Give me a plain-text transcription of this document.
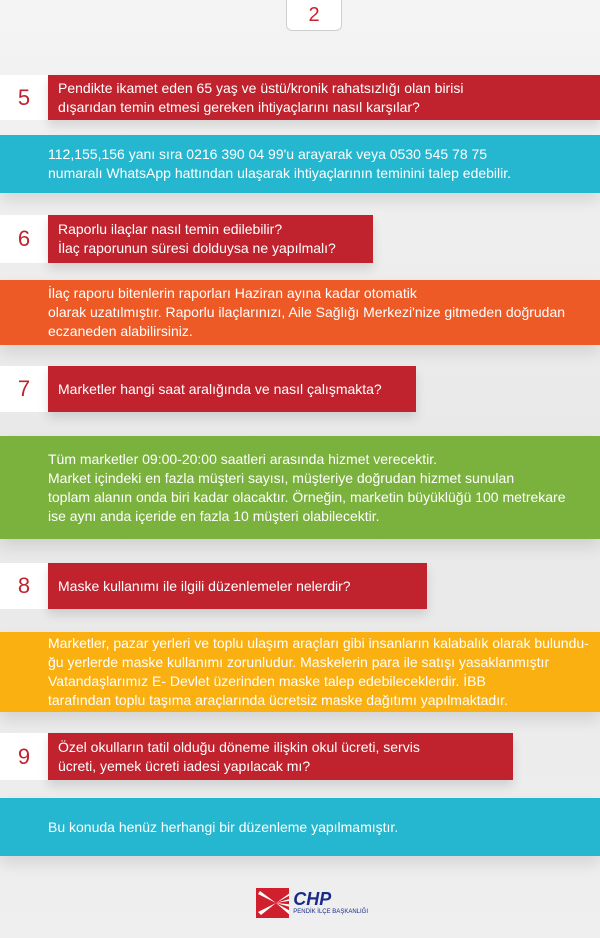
2
5	Pendikte ikamet eden 65 yaş ve üstü/kronik rahatsızlığı olan birisi
dışarıdan temin etmesi gereken ihtiyaçlarını nasıl karşılar?
112,155,156 yanı sıra 0216 390 04 99'u arayarak veya 0530 545 78 75
numaralı WhatsApp hattından ulaşarak ihtiyaçlarının teminini talep edebilir.
6	Raporlu ilaçlar nasıl temin edilebilir?
İlaç raporunun süresi dolduysa ne yapılmalı?
İlaç raporu bitenlerin raporları Haziran ayına kadar otomatik
olarak uzatılmıştır. Raporlu ilaçlarınızı, Aile Sağlığı Merkezi'nize gitmeden doğrudan
eczaneden alabilirsiniz.
7	Marketler hangi saat aralığında ve nasıl çalışmakta?
Tüm marketler 09:00-20:00 saatleri arasında hizmet verecektir.
Market içindeki en fazla müşteri sayısı, müşteriye doğrudan hizmet sunulan
toplam alanın onda biri kadar olacaktır. Örneğin, marketin büyüklüğü 100 metrekare
ise aynı anda içeride en fazla 10 müşteri olabilecektir.
8	Maske kullanımı ile ilgili düzenlemeler nelerdir?
Marketler, pazar yerleri ve toplu ulaşım araçları gibi insanların kalabalık olarak bulundu-
ğu yerlerde maske kullanımı zorunludur. Maskelerin para ile satışı yasaklanmıştır
Vatandaşlarımız E- Devlet üzerinden maske talep edebileceklerdir. İBB
tarafından toplu taşıma araçlarında ücretsiz maske dağıtımı yapılmaktadır.
9	Özel okulların tatil olduğu döneme ilişkin okul ücreti, servis
ücreti, yemek ücreti iadesi yapılacak mı?
Bu konuda henüz herhangi bir düzenleme yapılmamıştır.
CHP
PENDİK İLÇE BAŞKANLIĞI
